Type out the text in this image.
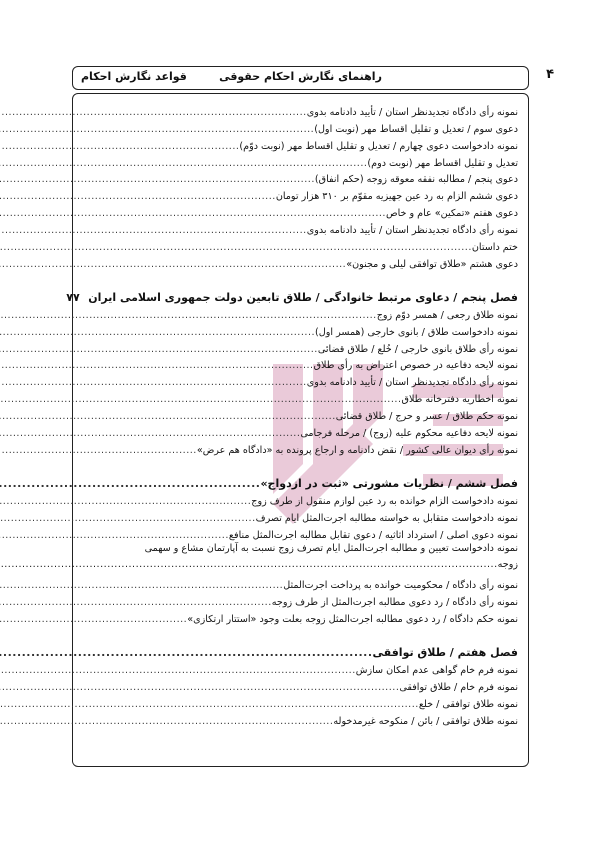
۴
راهنمای نگارش احکام حقوقی
قواعد نگارش احکام
نمونه رأی دادگاه تجدیدنظر استان / تأیید دادنامه بدوی
.....
دعوی سوم / تعدیل و تقلیل اقساط مهر (نوبت اول)
.....
نمونه دادخواست دعوی چهارم / تعدیل و تقلیل اقساط مهر (نوبت دوّم)
.....
تعدیل و تقلیل اقساط مهر (نوبت دوم)
.....
دعوی پنجم / مطالبه نفقه معوقه زوجه (حکم انفاق)
.....
دعوی ششم الزام به رد عین جهیزیه مقوّم بر ۳۱۰ هزار تومان
.....
دعوی هفتم «تمکین» عام و خاص
.....
نمونه رأی دادگاه تجدیدنظر استان / تأیید دادنامه بدوی
.....
ختم داستان
.....
دعوی هشتم «طلاق توافقی لیلی و مجنون»
.....
فصل پنجم / دعاوی مرتبط خانوادگی / طلاق تابعین دولت جمهوری اسلامی ایران
۷۷
نمونه طلاق رجعی / همسر دوّم زوج
.....
نمونه دادخواست طلاق / بانوی خارجی (همسر اول)
.....
نمونه رأی طلاق بانوی خارجی / خُلع / طلاق قضائی
.....
نمونه لایحه دفاعیه در خصوص اعتراض به رأی طلاق
.....
نمونه رأی دادگاه تجدیدنظر استان / تأیید دادنامه بدوی
.....
نمونه اخطاریه دفترخانه طلاق
.....
نمونه حکم طلاق / عسر و حرج / طلاق قضائی
.....
نمونه لایحه دفاعیه محکوم علیه (زوج) / مرحله فرجامی
.....
نمونه رأی دیوان عالی کشور / نقض دادنامه و ارجاع پرونده به «دادگاه هم عرض»
.....
فصل ششم / نظریات مشورتی «ثبت در ازدواج»
.....
نمونه دادخواست الزام خوانده به رد عین لوازم منقول از طرف زوج
.....
نمونه دادخواست متقابل به خواسته مطالبه اجرت‌المثل ایام تصرف
.....
نمونه دعوی اصلی / استرداد اثاثیه / دعوی تقابل مطالبه اجرت‌المثل منافع
.....
نمونه دادخواست تعیین و مطالبه اجرت‌المثل ایام تصرف زوج نسبت به آپارتمان مشاع و سهمی
زوجه
.....
نمونه رأی دادگاه / محکومیت خوانده به پرداخت اجرت‌المثل
.....
نمونه رأی دادگاه / رد دعوی مطالبه اجرت‌المثل از طرف زوجه
.....
نمونه حکم دادگاه / رد دعوی مطالبه اجرت‌المثل زوجه بعلت وجود «استتار ارتکازی»
.....
فصل هفتم / طلاق توافقی
.....
نمونه فرم خام گواهی عدم امکان سازش
.....
نمونه فرم خام / طلاق توافقی
.....
نمونه طلاق توافقی / خلع
.....
نمونه طلاق توافقی / بائن / منکوحه غیرمدخوله
.....
